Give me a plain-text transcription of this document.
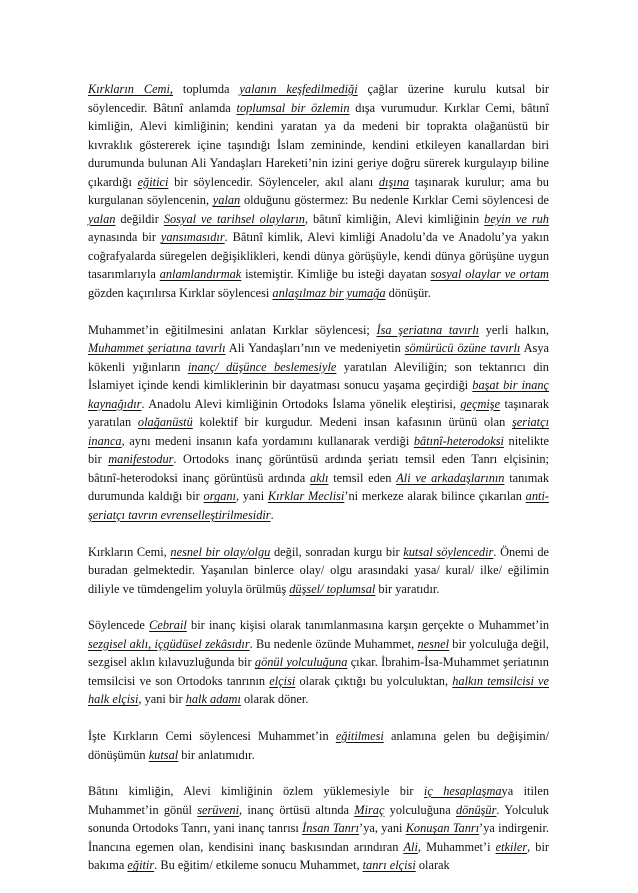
Kırkların Cemi, toplumda yalanın keşfedilmediği çağlar üzerine kurulu kutsal bir söylencedir. Bâtınî anlamda toplumsal bir özlemin dışa vurumudur. Kırklar Cemi, bâtınî kimliğin, Alevi kimliğinin; kendini yaratan ya da medeni bir toprakta olağanüstü bir kıvraklık göstererek içine taşındığı İslam zemininde, kendini etkileyen kanallardan biri durumunda bulunan Ali Yandaşları Hareketi’nin izini geriye doğru sürerek kurgulayıp biline çıkardığı eğitici bir söylencedir. Söylenceler, akıl alanı dışına taşınarak kurulur; ama bu kurgulanan söylencenin, yalan olduğunu göstermez: Bu nedenle Kırklar Cemi söylencesi de yalan değildir Sosyal ve tarihsel olayların, bâtınî kimliğin, Alevi kimliğinin beyin ve ruh aynasında bir yansımasıdır. Bâtınî kimlik, Alevi kimliği Anadolu’da ve Anadolu’ya yakın coğrafyalarda süregelen değişiklikleri, kendi dünya görüşüyle, kendi dünya görüşüne uygun tasarımlarıyla anlamlandırmak istemiştir. Kimliğe bu isteği dayatan sosyal olaylar ve ortam gözden kaçırılırsa Kırklar söylencesi anlaşılmaz bir yumağa dönüşür.

Muhammet’in eğitilmesini anlatan Kırklar söylencesi; İsa şeriatına tavırlı yerli halkın, Muhammet şeriatına tavırlı Ali Yandaşları’nın ve medeniyetin sömürücü özüne tavırlı Asya kökenli yığınların inanç/ düşünce beslemesiyle yaratılan Aleviliğin; son tektanrıcı din İslamiyet içinde kendi kimliklerinin bir dayatması sonucu yaşama geçirdiği başat bir inanç kaynağıdır. Anadolu Alevi kimliğinin Ortodoks İslama yönelik eleştirisi, geçmişe taşınarak yaratılan olağanüstü kolektif bir kurgudur. Medeni insan kafasının ürünü olan şeriatçı inanca, aynı medeni insanın kafa yordamını kullanarak verdiği bâtınî-heterodoksi nitelikte bir manifestodur. Ortodoks inanç görüntüsü ardında şeriatı temsil eden Tanrı elçisinin; bâtınî-heterodoksi inanç görüntüsü ardında aklı temsil eden Ali ve arkadaşlarının tanımak durumunda kaldığı bir organı, yani Kırklar Meclisi’ni merkeze alarak bilince çıkarılan anti-şeriatçı tavrın evrenselleştirilmesidir.

Kırkların Cemi, nesnel bir olay/olgu değil, sonradan kurgu bir kutsal söylencedir. Önemi de buradan gelmektedir. Yaşanılan binlerce olay/ olgu arasındaki yasa/ kural/ ilke/ eğilimin diliyle ve tümdengelim yoluyla örülmüş düşsel/ toplumsal bir yaratıdır.

Söylencede Cebrail bir inanç kişisi olarak tanımlanmasına karşın gerçekte o Muhammet’in sezgisel aklı, içgüdüsel zekâsıdır. Bu nedenle özünde Muhammet, nesnel bir yolculuğa değil, sezgisel aklın kılavuzluğunda bir gönül yolculuğuna çıkar. İbrahim-İsa-Muhammet şeriatının temsilcisi ve son Ortodoks tanrının elçisi olarak çıktığı bu yolculuktan, halkın temsilcisi ve halk elçisi, yani bir halk adamı olarak döner.

İşte Kırkların Cemi söylencesi Muhammet’in eğitilmesi anlamına gelen bu değişimin/ dönüşümün kutsal bir anlatımıdır.

Bâtını kimliğin, Alevi kimliğinin özlem yüklemesiyle bir iç hesaplaşmaya itilen Muhammet’in gönül serüveni, inanç örtüsü altında Miraç yolculuğuna dönüşür. Yolculuk sonunda Ortodoks Tanrı, yani inanç tanrısı İnsan Tanrı’ya, yani Konuşan Tanrı’ya indirgenir. İnancına egemen olan, kendisini inanç baskısından arındıran Ali, Muhammet’i etkiler, bir bakıma eğitir. Bu eğitim/ etkileme sonucu Muhammet, tanrı elçisi olarak
